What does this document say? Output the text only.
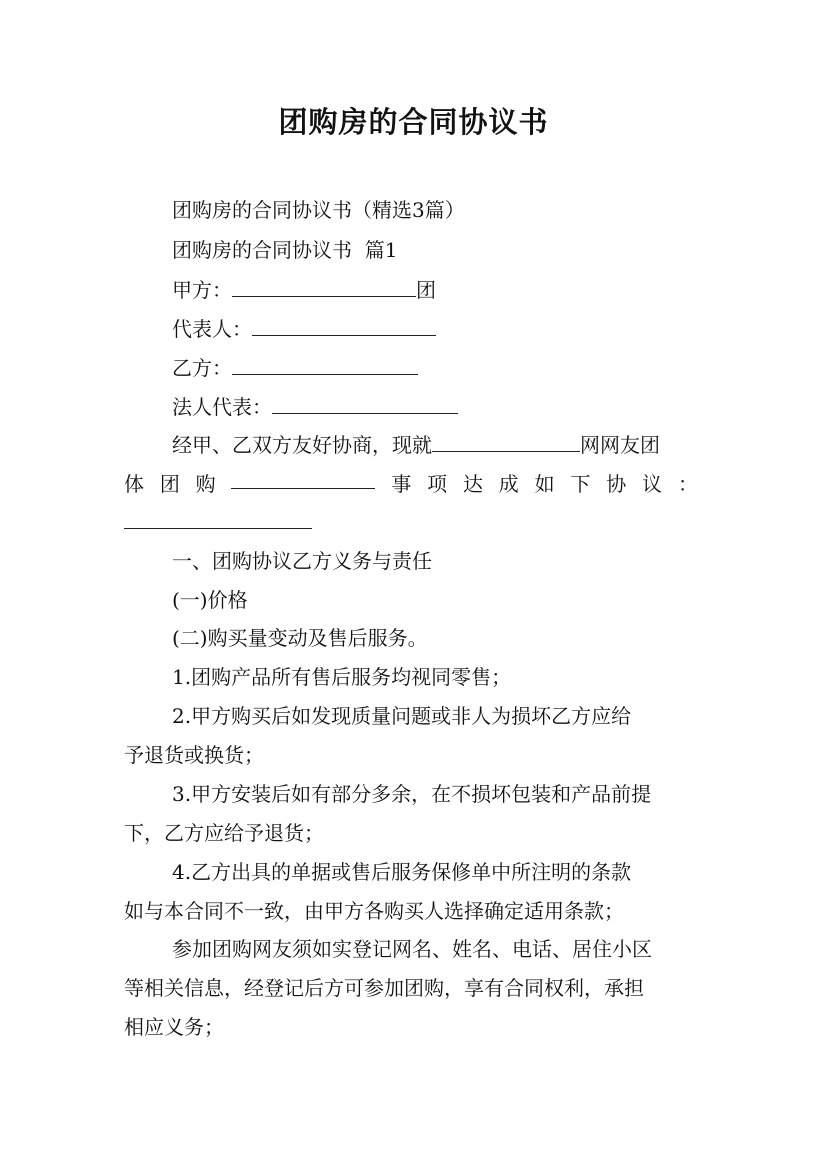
团购房的合同协议书
团购房的合同协议书（精选3篇）
团购房的合同协议书  篇1
甲方：	团
代表人：
乙方：
法人代表：
经甲、乙双方友好协商，现就	网网友团
体 团 购	事 项 达 成 如 下 协 议 ：
一、团购协议乙方义务与责任
(一)价格
(二)购买量变动及售后服务。
1.团购产品所有售后服务均视同零售；
2.甲方购买后如发现质量问题或非人为损坏乙方应给
予退货或换货；
3.甲方安装后如有部分多余，在不损坏包装和产品前提
下，乙方应给予退货；
4.乙方出具的单据或售后服务保修单中所注明的条款
如与本合同不一致，由甲方各购买人选择确定适用条款；
参加团购网友须如实登记网名、姓名、电话、居住小区
等相关信息，经登记后方可参加团购，享有合同权利，承担
相应义务；
